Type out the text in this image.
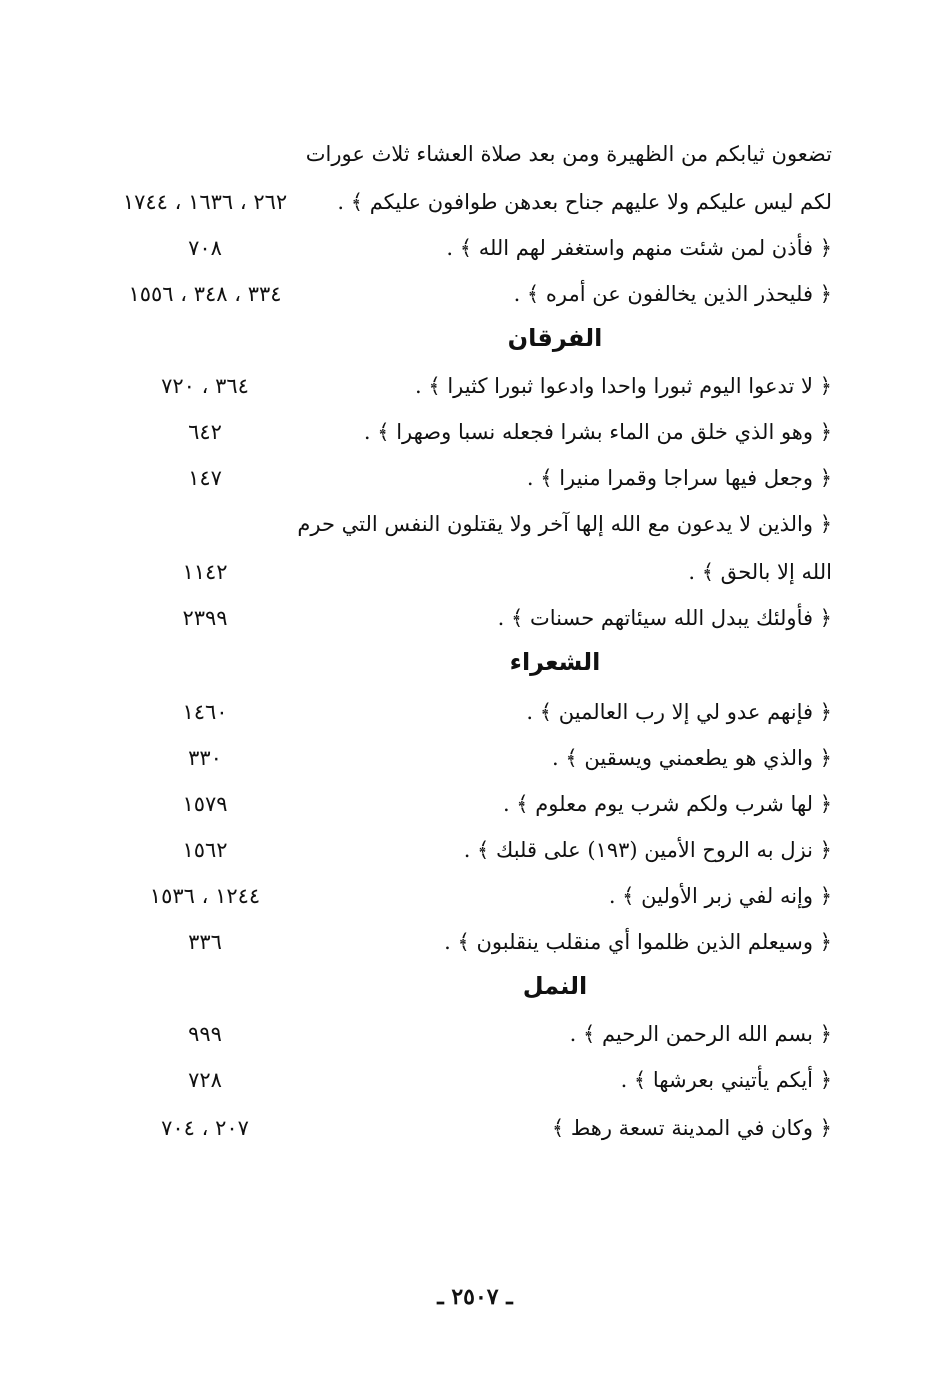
تضعون ثيابكم من الظهيرة ومن بعد صلاة العشاء ثلاث عورات
لكم ليس عليكم ولا عليهم جناح بعدهن طوافون عليكم ﴾ .
٢٦٢ ، ١٦٣٦ ، ١٧٤٤
﴿ فأذن لمن شئت منهم واستغفر لهم الله ﴾ .
٧٠٨
﴿ فليحذر الذين يخالفون عن أمره ﴾ .
٣٣٤ ، ٣٤٨ ، ١٥٥٦
الفرقان
﴿ لا تدعوا اليوم ثبورا واحدا وادعوا ثبورا كثيرا ﴾ .
٣٦٤ ، ٧٢٠
﴿ وهو الذي خلق من الماء بشرا فجعله نسبا وصهرا ﴾ .
٦٤٢
﴿ وجعل فيها سراجا وقمرا منيرا ﴾ .
١٤٧
﴿ والذين لا يدعون مع الله إلها آخر ولا يقتلون النفس التي حرم
الله إلا بالحق ﴾ .
١١٤٢
﴿ فأولئك يبدل الله سيئاتهم حسنات ﴾ .
٢٣٩٩
الشعراء
﴿ فإنهم عدو لي إلا رب العالمين ﴾ .
١٤٦٠
﴿ والذي هو يطعمني ويسقين ﴾ .
٣٣٠
﴿ لها شرب ولكم شرب يوم معلوم ﴾ .
١٥٧٩
﴿ نزل به الروح الأمين (١٩٣) على قلبك ﴾ .
١٥٦٢
﴿ وإنه لفي زبر الأولين ﴾ .
١٢٤٤ ، ١٥٣٦
﴿ وسيعلم الذين ظلموا أي منقلب ينقلبون ﴾ .
٣٣٦
النمل
﴿ بسم الله الرحمن الرحيم ﴾ .
٩٩٩
﴿ أيكم يأتيني بعرشها ﴾ .
٧٢٨
﴿ وكان في المدينة تسعة رهط ﴾
٢٠٧ ، ٧٠٤
ـ ٢٥٠٧ ـ
